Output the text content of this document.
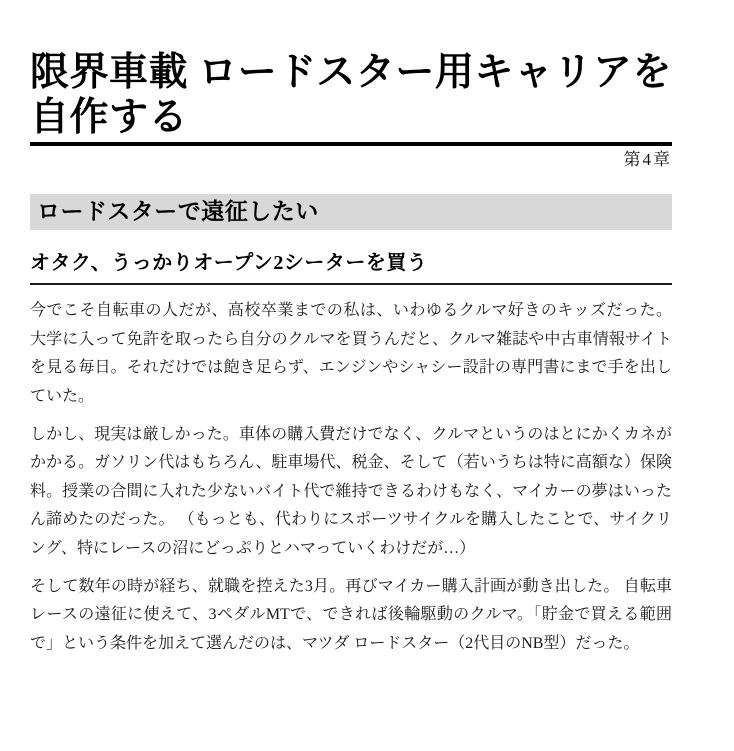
限界車載 ロードスター用キャリアを自作する
第4章
ロードスターで遠征したい
オタク、うっかりオープン2シーターを買う

今でこそ自転車の人だが、高校卒業までの私は、いわゆるクルマ好きのキッズだった。 大学に入って免許を取ったら自分のクルマを買うんだと、クルマ雑誌や中古車情報サイトを見る毎日。それだけでは飽き足らず、エンジンやシャシー設計の専門書にまで手を出していた。

しかし、現実は厳しかった。車体の購入費だけでなく、クルマというのはとにかくカネがかかる。ガソリン代はもちろん、駐車場代、税金、そして（若いうちは特に高額な）保険料。授業の合間に入れた少ないバイト代で維持できるわけもなく、マイカーの夢はいったん諦めたのだった。 （もっとも、代わりにスポーツサイクルを購入したことで、サイクリング、特にレースの沼にどっぷりとハマっていくわけだが…）

そして数年の時が経ち、就職を控えた3月。再びマイカー購入計画が動き出した。 自転車レースの遠征に使えて、3ペダルMTで、できれば後輪駆動のクルマ。「貯金で買える範囲で」という条件を加えて選んだのは、マツダ ロードスター（2代目のNB型）だった。
